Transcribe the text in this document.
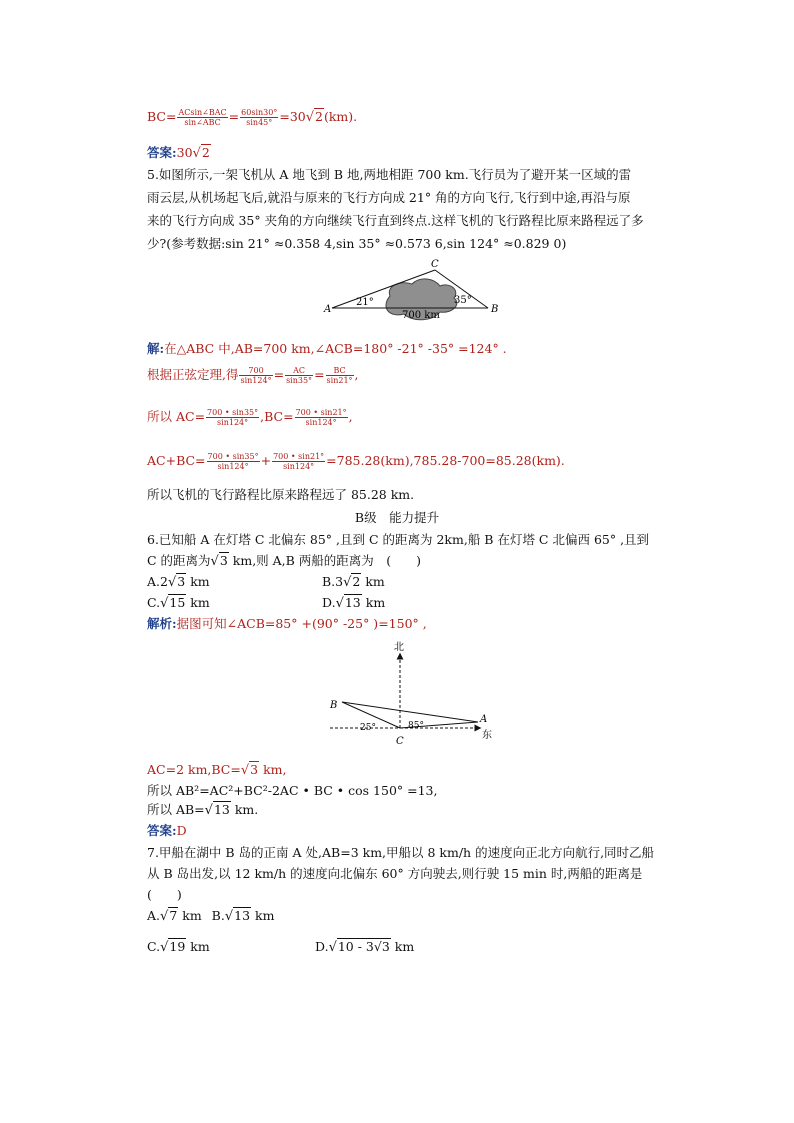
$BC= \frac{\text{ACsin∠BAC}}{\text{sin∠ABC}} = \frac{60\sin 30^\circ}{\sin 45^\circ} =30√2(km)$.
答案:30√2
5.如图所示,一架飞机从 A 地飞到 B 地,两地相距 700 km.飞行员为了避开某一区域的雷
雨云层,从机场起飞后,就沿与原来的飞行方向成 21° 角的方向飞行,飞行到中途,再沿与原
来的飞行方向成 35° 夹角的方向继续飞行直到终点.这样飞机的飞行路程比原来路程远了多
少?(参考数据:sin 21° ≈0.358 4,sin 35° ≈0.573 6,sin 124° ≈0.829 0)
A	B
C
21°	35°
700 km
解:在△ABC 中,AB=700 km,∠ACB=180° -21° -35° =124° .
根据正弦定理,得 $\frac{700}{\sin 124^\circ} = \frac{AC}{\sin 35^\circ} = \frac{BC}{\sin 21^\circ}$ ,
所以 $AC= \frac{700 • \sin 35^\circ}{\sin 124^\circ} ,BC= \frac{700 • \sin 21^\circ}{\sin 124^\circ}$ ,
$AC+BC= \frac{700 • \sin 35^\circ}{\sin 124^\circ} + \frac{700 • \sin 21^\circ}{\sin 124^\circ} =785.28(km),785.28-700=85.28(km)$.
所以飞机的飞行路程比原来路程远了 85.28 km.
B级　能力提升
6.已知船 A 在灯塔 C 北偏东 85° ,且到 C 的距离为 2km,船 B 在灯塔 C 北偏西 65° ,且到
C 的距离为√3 km,则 A,B 两船的距离为　(　　)
A.2√3 km	B.3√2 km
C.√15 km	D.√13 km
解析:据图可知∠ACB=85° +(90° -25° )=150° ,
北
东
B
A
C
25°	85°
AC=2 km,BC=√3 km,
所以 AB²=AC²+BC²-2AC • BC • cos 150° =13,
所以 AB=√13 km.
答案:D
7.甲船在湖中 B 岛的正南 A 处,AB=3 km,甲船以 8 km/h 的速度向正北方向航行,同时乙船
从 B 岛出发,以 12 km/h 的速度向北偏东 60° 方向驶去,则行驶 15 min 时,两船的距离是
(　　)
A.√7 km B.√13 km
C.√19 km	D.√10 - 3√3 km
